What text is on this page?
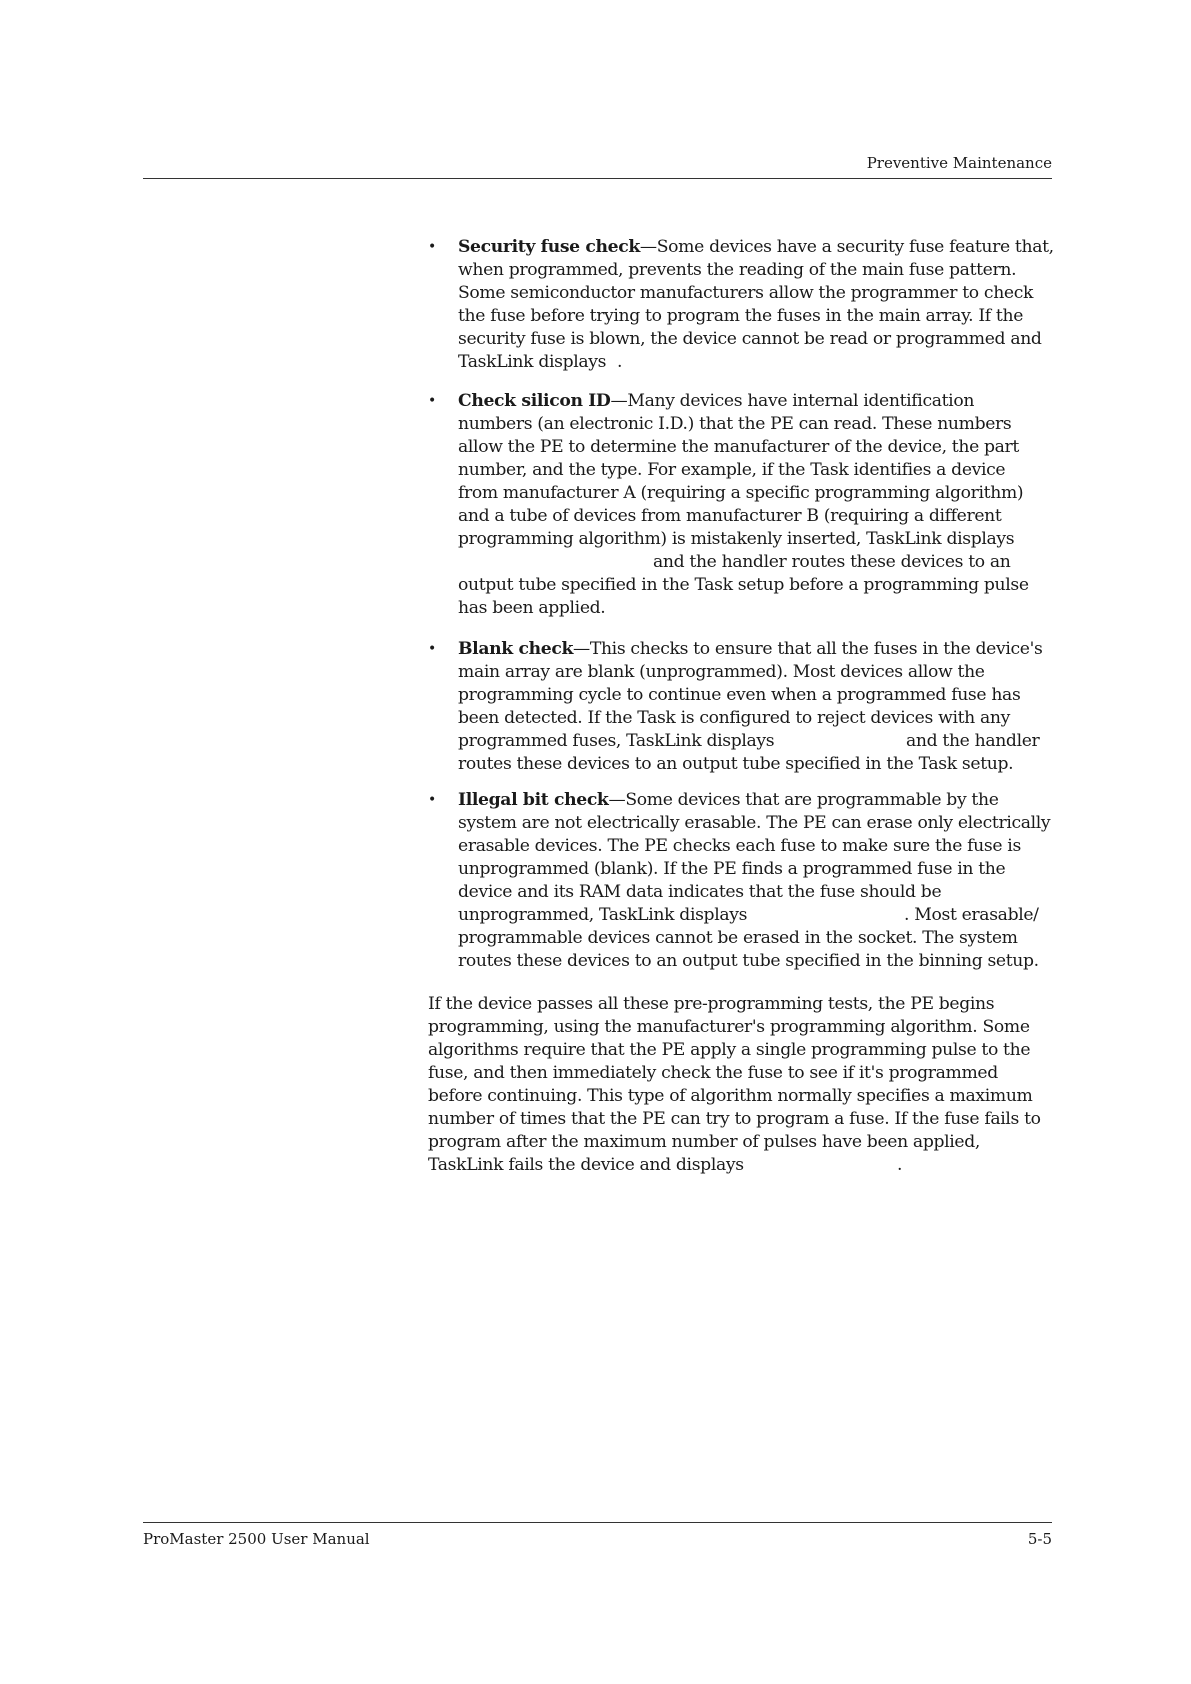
Preventive Maintenance
• Security fuse check—Some devices have a security fuse feature that,
when programmed, prevents the reading of the main fuse pattern.
Some semiconductor manufacturers allow the programmer to check
the fuse before trying to program the fuses in the main array. If the
security fuse is blown, the device cannot be read or programmed and
TaskLink displays .
• Check silicon ID—Many devices have internal identification
numbers (an electronic I.D.) that the PE can read. These numbers
allow the PE to determine the manufacturer of the device, the part
number, and the type. For example, if the Task identifies a device
from manufacturer A (requiring a specific programming algorithm)
and a tube of devices from manufacturer B (requiring a different
programming algorithm) is mistakenly inserted, TaskLink displays
and the handler routes these devices to an
output tube specified in the Task setup before a programming pulse
has been applied.
• Blank check—This checks to ensure that all the fuses in the device's
main array are blank (unprogrammed). Most devices allow the
programming cycle to continue even when a programmed fuse has
been detected. If the Task is configured to reject devices with any
programmed fuses, TaskLink displays	and the handler
routes these devices to an output tube specified in the Task setup.
• Illegal bit check—Some devices that are programmable by the
system are not electrically erasable. The PE can erase only electrically
erasable devices. The PE checks each fuse to make sure the fuse is
unprogrammed (blank). If the PE finds a programmed fuse in the
device and its RAM data indicates that the fuse should be
unprogrammed, TaskLink displays	. Most erasable/
programmable devices cannot be erased in the socket. The system
routes these devices to an output tube specified in the binning setup.
If the device passes all these pre-programming tests, the PE begins
programming, using the manufacturer's programming algorithm. Some
algorithms require that the PE apply a single programming pulse to the
fuse, and then immediately check the fuse to see if it's programmed
before continuing. This type of algorithm normally specifies a maximum
number of times that the PE can try to program a fuse. If the fuse fails to
program after the maximum number of pulses have been applied,
TaskLink fails the device and displays	.
ProMaster 2500 User Manual	5-5
